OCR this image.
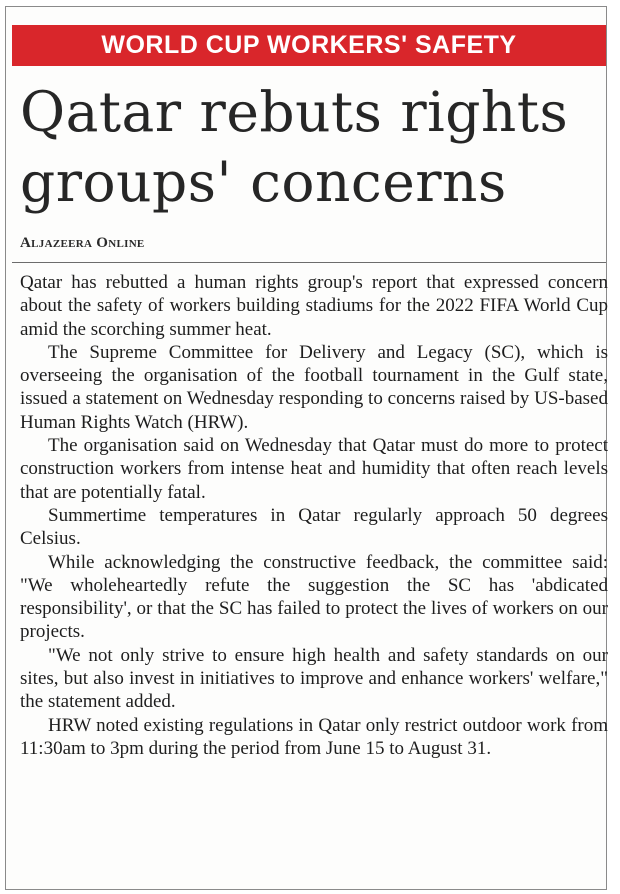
WORLD CUP WORKERS' SAFETY
Qatar rebuts rights groups' concerns
Aljazeera Online

Qatar has rebutted a human rights group's report that expressed concern about the safety of workers building stadiums for the 2022 FIFA World Cup amid the scorching summer heat.

The Supreme Committee for Delivery and Legacy (SC), which is overseeing the organisation of the football tournament in the Gulf state, issued a statement on Wednesday responding to concerns raised by US-based Human Rights Watch (HRW).

The organisation said on Wednesday that Qatar must do more to protect construction workers from intense heat and humidity that often reach levels that are potentially fatal.

Summertime temperatures in Qatar regularly approach 50 degrees Celsius.

While acknowledging the constructive feedback, the committee said: "We wholeheartedly refute the suggestion the SC has 'abdicated responsibility', or that the SC has failed to protect the lives of workers on our projects.

"We not only strive to ensure high health and safety standards on our sites, but also invest in initiatives to improve and enhance workers' welfare," the statement added.

HRW noted existing regulations in Qatar only restrict outdoor work from 11:30am to 3pm during the period from June 15 to August 31.
